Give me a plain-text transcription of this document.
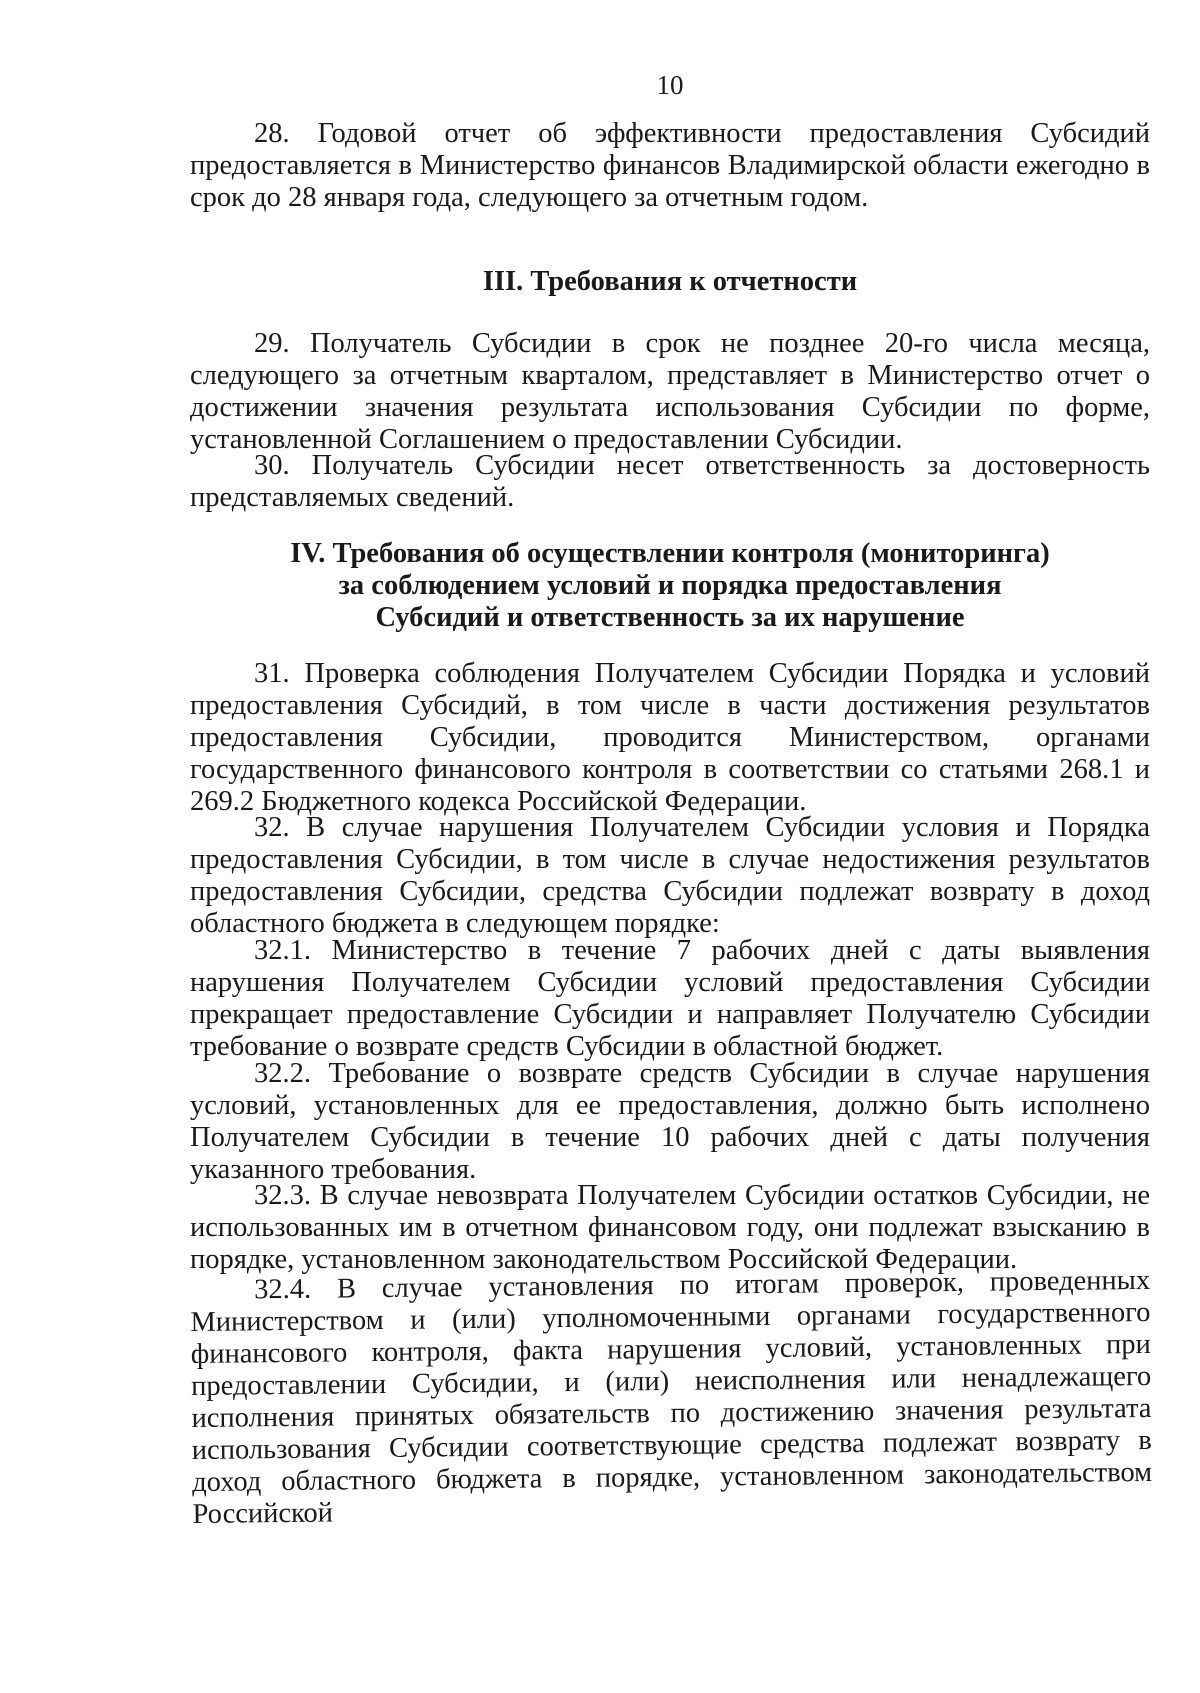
10
28. Годовой отчет об эффективности предоставления Субсидий предоставляется в Министерство финансов Владимирской области ежегодно в срок до 28 января года, следующего за отчетным годом.
III. Требования к отчетности
29. Получатель Субсидии в срок не позднее 20-го числа месяца, следующего за отчетным кварталом, представляет в Министерство отчет о достижении значения результата использования Субсидии по форме, установленной Соглашением о предоставлении Субсидии.
30. Получатель Субсидии несет ответственность за достоверность представляемых сведений.
IV. Требования об осуществлении контроля (мониторинга)
за соблюдением условий и порядка предоставления
Субсидий и ответственность за их нарушение
31. Проверка соблюдения Получателем Субсидии Порядка и условий предоставления Субсидий, в том числе в части достижения результатов предоставления Субсидии, проводится Министерством, органами государственного финансового контроля в соответствии со статьями 268.1 и 269.2 Бюджетного кодекса Российской Федерации.
32. В случае нарушения Получателем Субсидии условия и Порядка предоставления Субсидии, в том числе в случае недостижения результатов предоставления Субсидии, средства Субсидии подлежат возврату в доход областного бюджета в следующем порядке:
32.1. Министерство в течение 7 рабочих дней с даты выявления нарушения Получателем Субсидии условий предоставления Субсидии прекращает предоставление Субсидии и направляет Получателю Субсидии требование о возврате средств Субсидии в областной бюджет.
32.2. Требование о возврате средств Субсидии в случае нарушения условий, установленных для ее предоставления, должно быть исполнено Получателем Субсидии в течение 10 рабочих дней с даты получения указанного требования.
32.3. В случае невозврата Получателем Субсидии остатков Субсидии, не использованных им в отчетном финансовом году, они подлежат взысканию в порядке, установленном законодательством Российской Федерации.
32.4. В случае установления по итогам проверок, проведенных Министерством и (или) уполномоченными органами государственного финансового контроля, факта нарушения условий, установленных при предоставлении Субсидии, и (или) неисполнения или ненадлежащего исполнения принятых обязательств по достижению значения результата использования Субсидии соответствующие средства подлежат возврату в доход областного бюджета в порядке, установленном законодательством Российской
